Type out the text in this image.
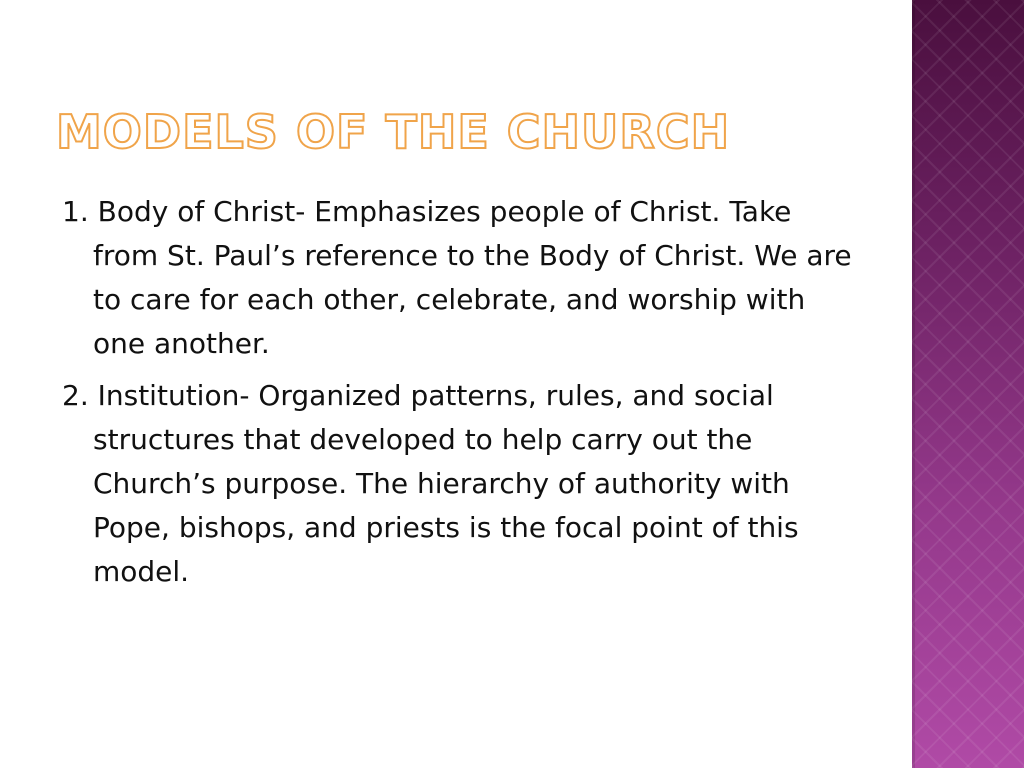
MODELS OF THE CHURCH
1. Body of Christ- Emphasizes people of Christ. Take from St. Paul’s reference to the Body of Christ. We are to care for each other, celebrate, and worship with one another.
2. Institution- Organized patterns, rules, and social structures that developed to help carry out the Church’s purpose. The hierarchy of authority with Pope, bishops, and priests is the focal point of this model.
